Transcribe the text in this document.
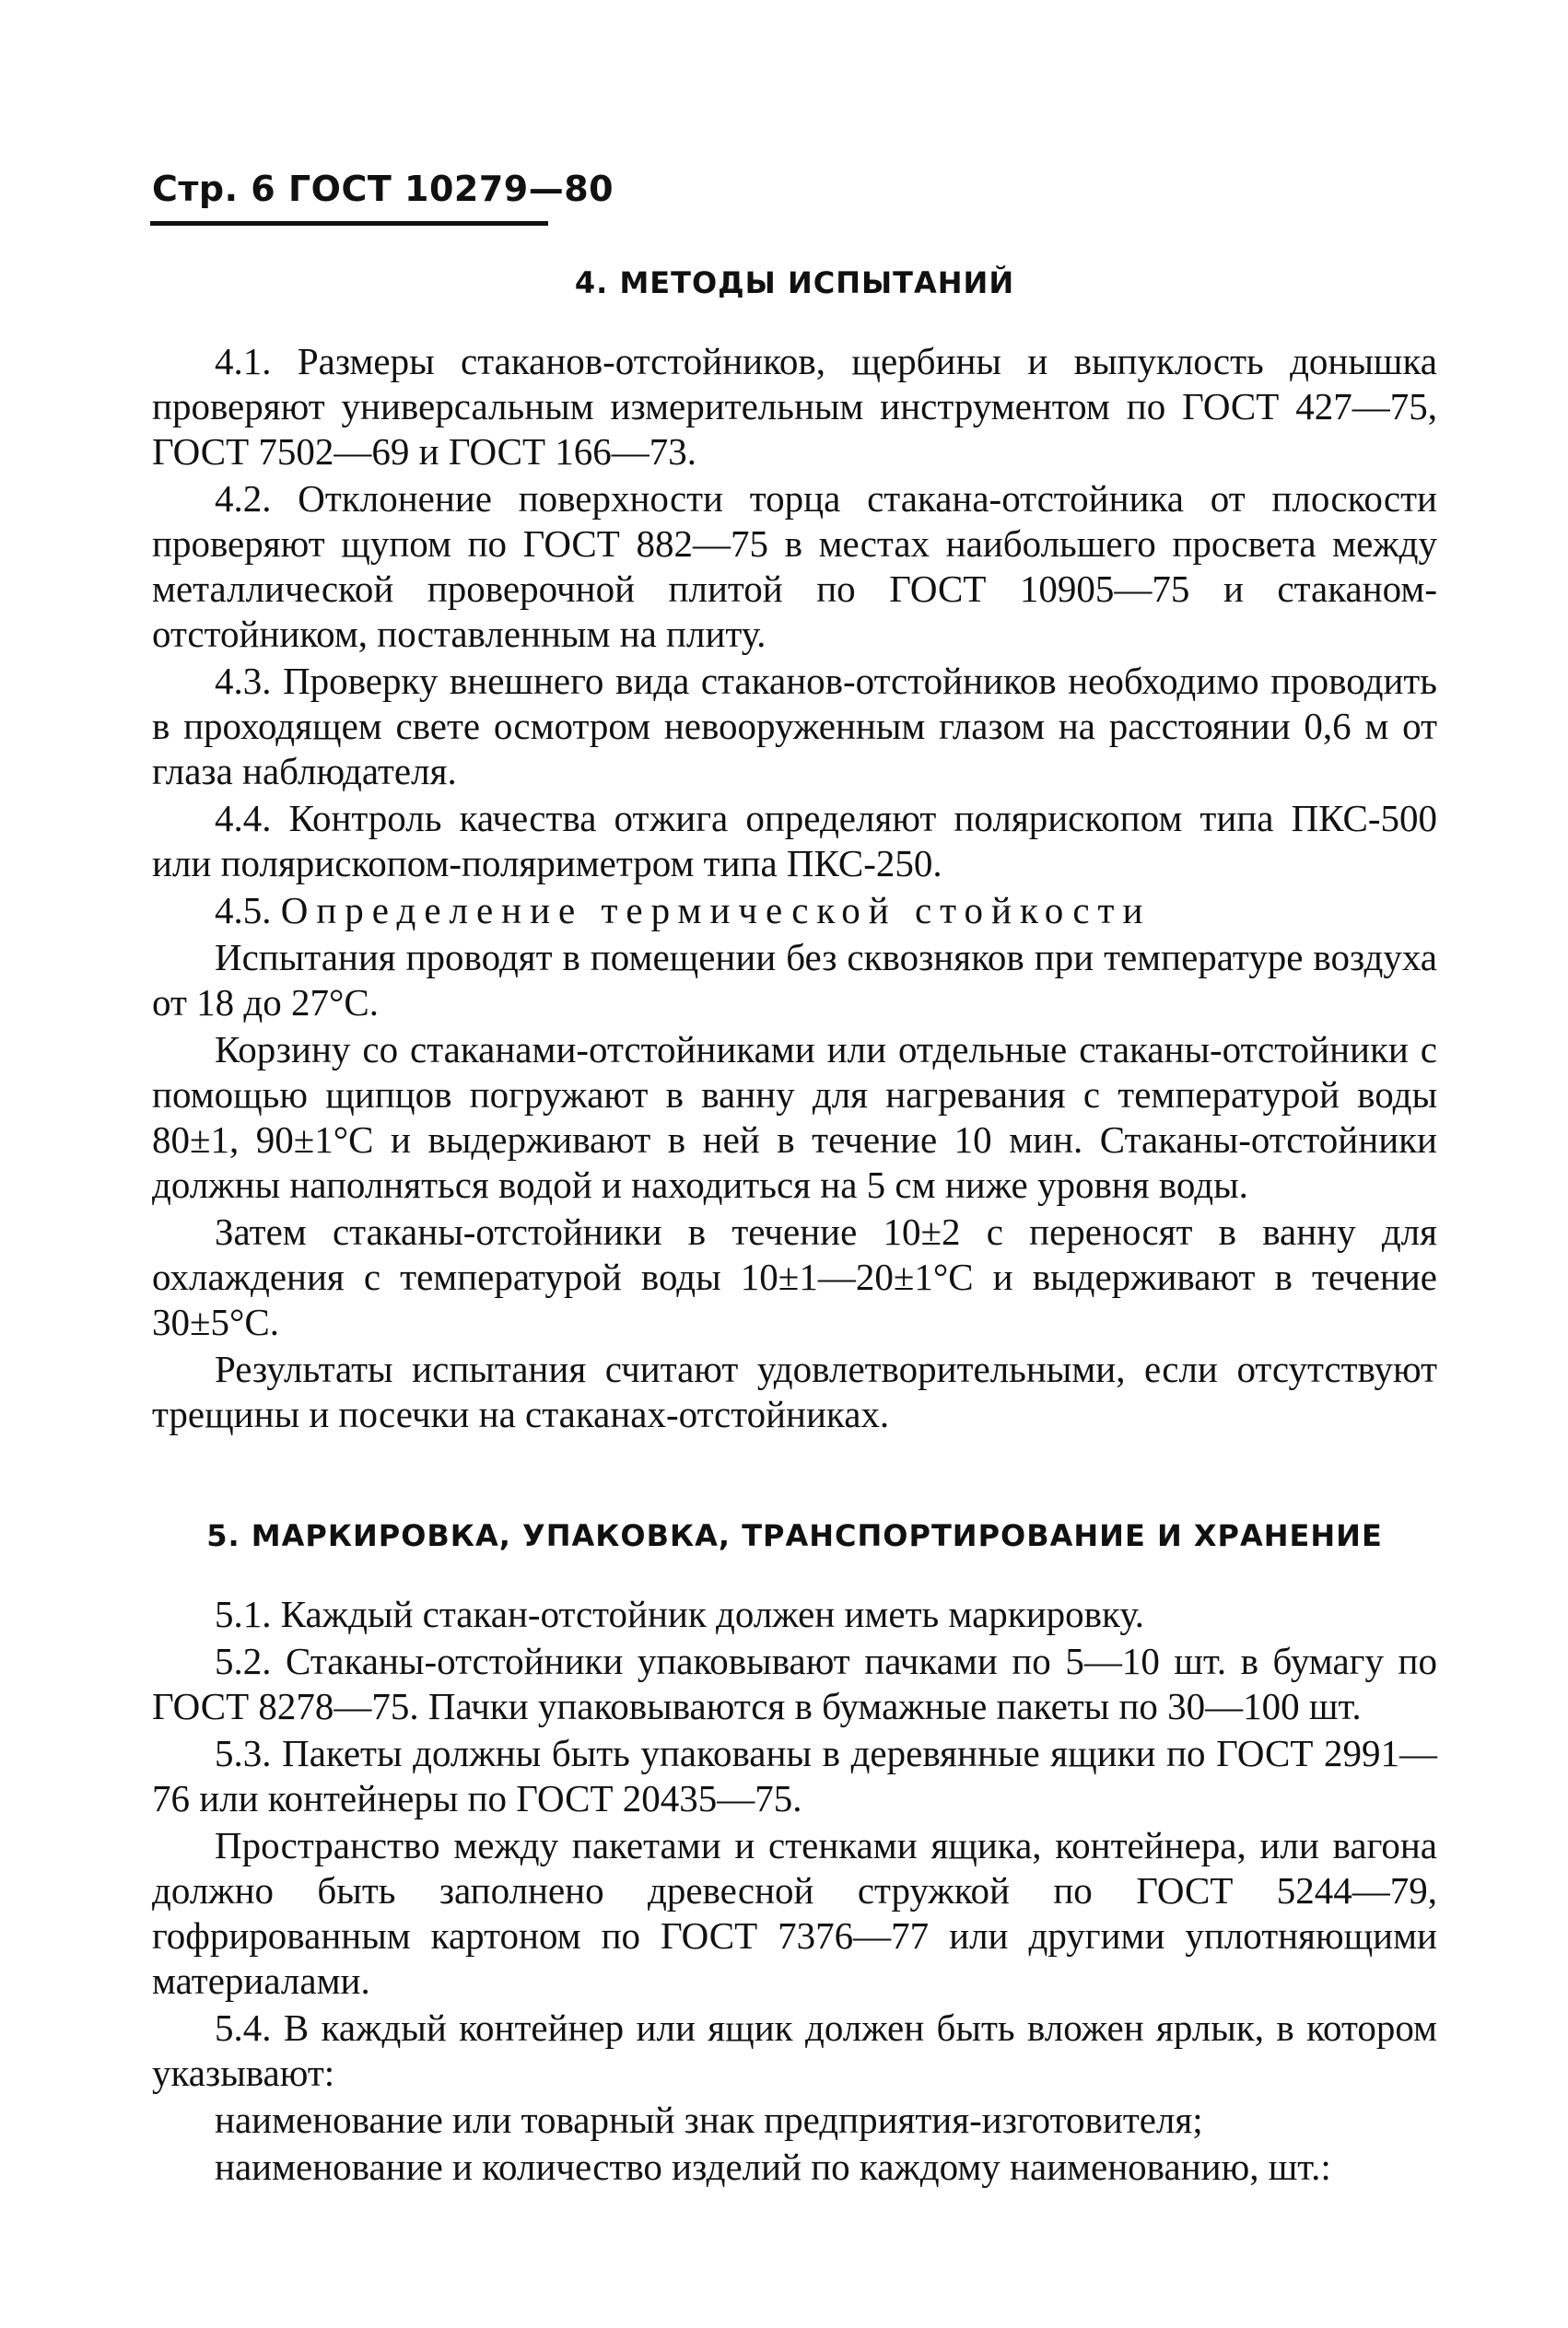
Стр. 6 ГОСТ 10279—80
4. МЕТОДЫ ИСПЫТАНИЙ

4.1. Размеры стаканов-отстойников, щербины и выпуклость донышка проверяют универсальным измерительным инструментом по ГОСТ 427—75, ГОСТ 7502—69 и ГОСТ 166—73.

4.2. Отклонение поверхности торца стакана-отстойника от плоскости проверяют щупом по ГОСТ 882—75 в местах наибольшего просвета между металлической проверочной плитой по ГОСТ 10905—75 и стаканом-отстойником, поставленным на плиту.

4.3. Проверку внешнего вида стаканов-отстойников необходимо проводить в проходящем свете осмотром невооруженным глазом на расстоянии 0,6 м от глаза наблюдателя.

4.4. Контроль качества отжига определяют полярископом типа ПКС-500 или полярископом-поляриметром типа ПКС-250.

4.5. Определение термической стойкости

Испытания проводят в помещении без сквозняков при температуре воздуха от 18 до 27°С.

Корзину со стаканами-отстойниками или отдельные стаканы-отстойники с помощью щипцов погружают в ванну для нагревания с температурой воды 80±1, 90±1°С и выдерживают в ней в течение 10 мин. Стаканы-отстойники должны наполняться водой и находиться на 5 см ниже уровня воды.

Затем стаканы-отстойники в течение 10±2 с переносят в ванну для охлаждения с температурой воды 10±1—20±1°С и выдерживают в течение 30±5°С.

Результаты испытания считают удовлетворительными, если отсутствуют трещины и посечки на стаканах-отстойниках.

5. МАРКИРОВКА, УПАКОВКА, ТРАНСПОРТИРОВАНИЕ И ХРАНЕНИЕ

5.1. Каждый стакан-отстойник должен иметь маркировку.

5.2. Стаканы-отстойники упаковывают пачками по 5—10 шт. в бумагу по ГОСТ 8278—75. Пачки упаковываются в бумажные пакеты по 30—100 шт.

5.3. Пакеты должны быть упакованы в деревянные ящики по ГОСТ 2991—76 или контейнеры по ГОСТ 20435—75.

Пространство между пакетами и стенками ящика, контейнера, или вагона должно быть заполнено древесной стружкой по ГОСТ 5244—79, гофрированным картоном по ГОСТ 7376—77 или другими уплотняющими материалами.

5.4. В каждый контейнер или ящик должен быть вложен ярлык, в котором указывают:

наименование или товарный знак предприятия-изготовителя;

наименование и количество изделий по каждому наименованию, шт.:
